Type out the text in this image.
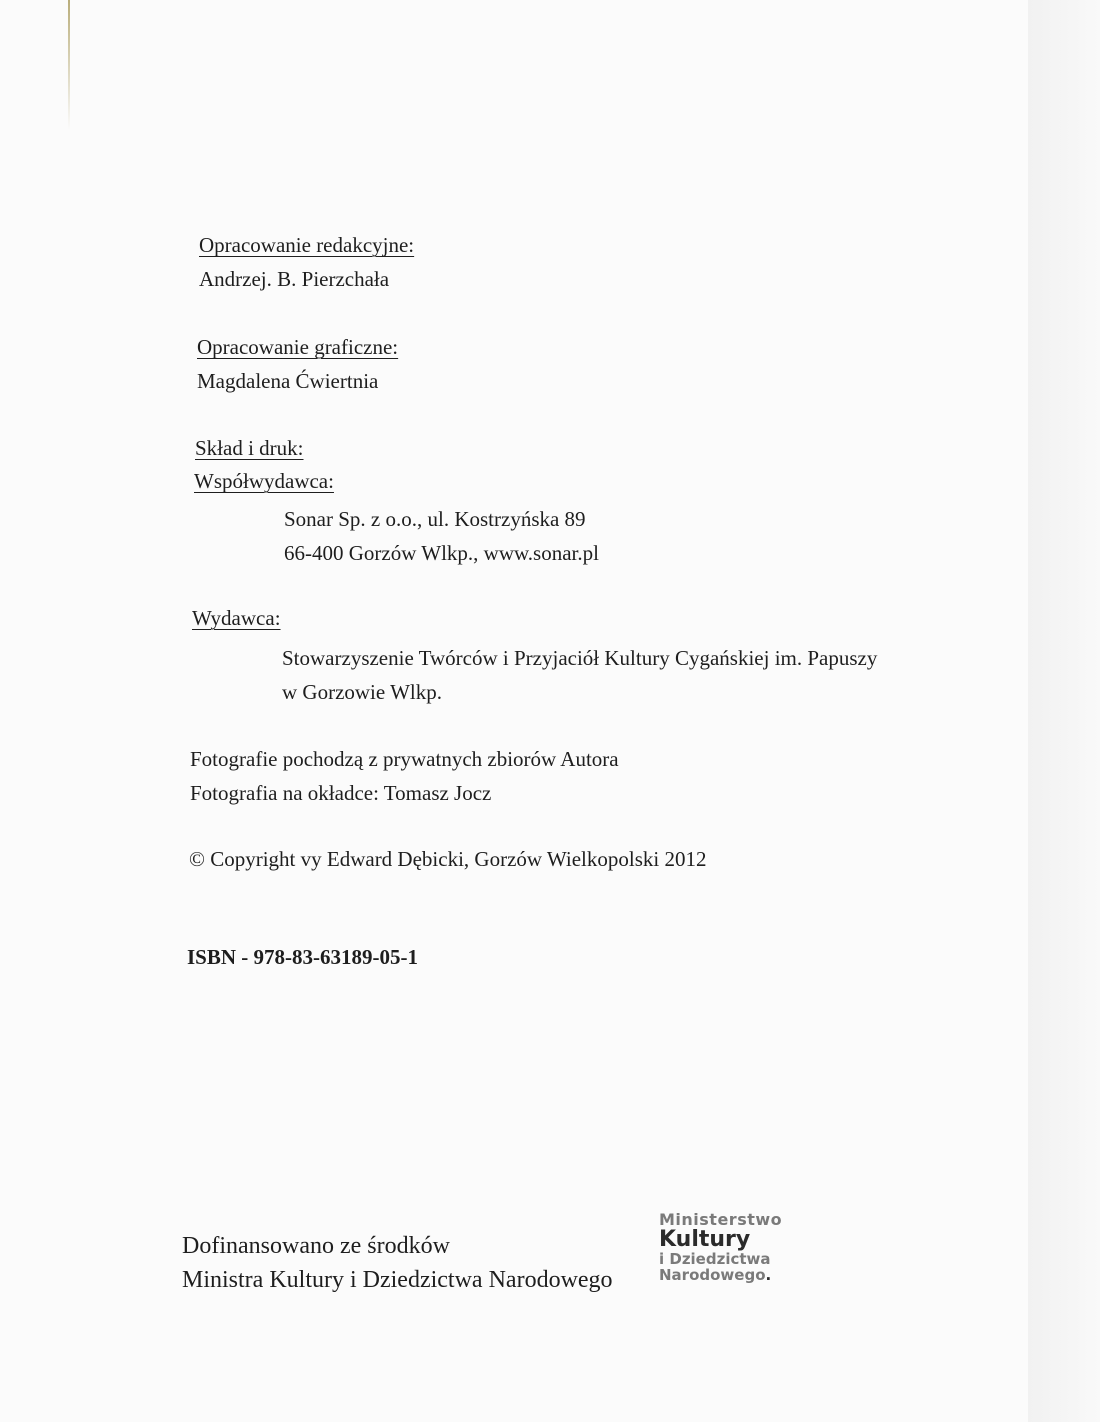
Opracowanie redakcyjne:
Andrzej. B. Pierzchała
Opracowanie graficzne:
Magdalena Ćwiertnia
Skład i druk:
Współwydawca:
Sonar Sp. z o.o., ul. Kostrzyńska 89
66-400 Gorzów Wlkp., www.sonar.pl
Wydawca:
Stowarzyszenie Twórców i Przyjaciół Kultury Cygańskiej im. Papuszy
w Gorzowie Wlkp.
Fotografie pochodzą z prywatnych zbiorów Autora
Fotografia na okładce: Tomasz Jocz
© Copyright vy Edward Dębicki, Gorzów Wielkopolski 2012
ISBN - 978-83-63189-05-1
Dofinansowano ze środków
Ministra Kultury i Dziedzictwa Narodowego
Ministerstwo
Kultury
i Dziedzictwa
Narodowego.
